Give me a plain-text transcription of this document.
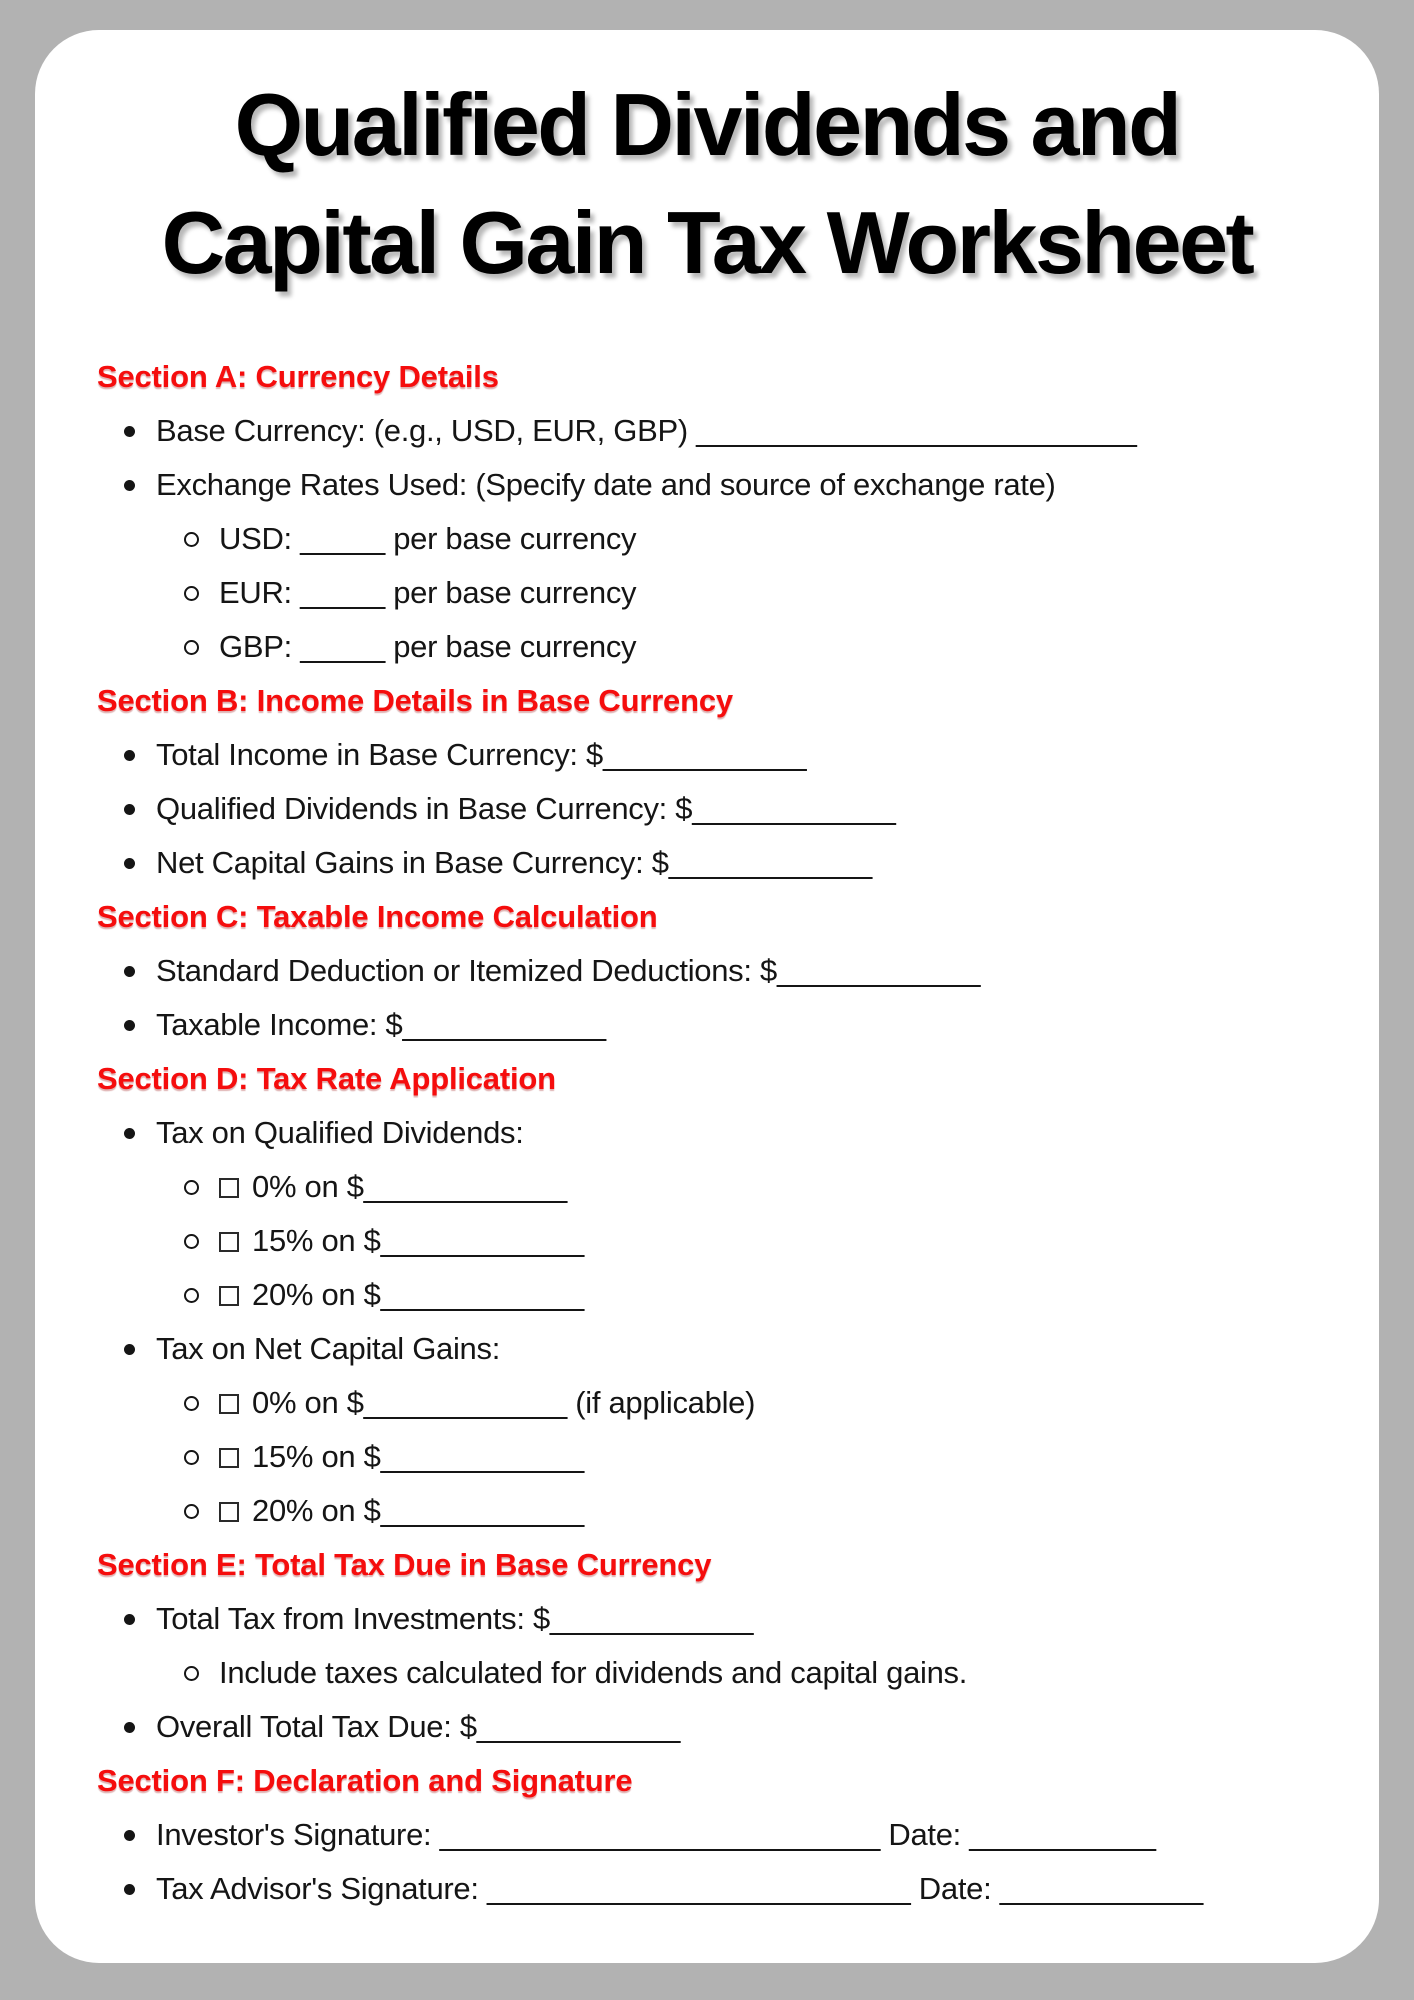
Qualified Dividends and
Capital Gain Tax Worksheet
Section A: Currency Details
Base Currency: (e.g., USD, EUR, GBP) __________________________
Exchange Rates Used: (Specify date and source of exchange rate)
USD: _____ per base currency
EUR: _____ per base currency
GBP: _____ per base currency
Section B: Income Details in Base Currency
Total Income in Base Currency: $____________
Qualified Dividends in Base Currency: $____________
Net Capital Gains in Base Currency: $____________
Section C: Taxable Income Calculation
Standard Deduction or Itemized Deductions: $____________
Taxable Income: $____________
Section D: Tax Rate Application
Tax on Qualified Dividends:
0% on $____________
15% on $____________
20% on $____________
Tax on Net Capital Gains:
0% on $____________ (if applicable)
15% on $____________
20% on $____________
Section E: Total Tax Due in Base Currency
Total Tax from Investments: $____________
Include taxes calculated for dividends and capital gains.
Overall Total Tax Due: $____________
Section F: Declaration and Signature
Investor's Signature: __________________________ Date: ___________
Tax Advisor's Signature: _________________________ Date: ____________
